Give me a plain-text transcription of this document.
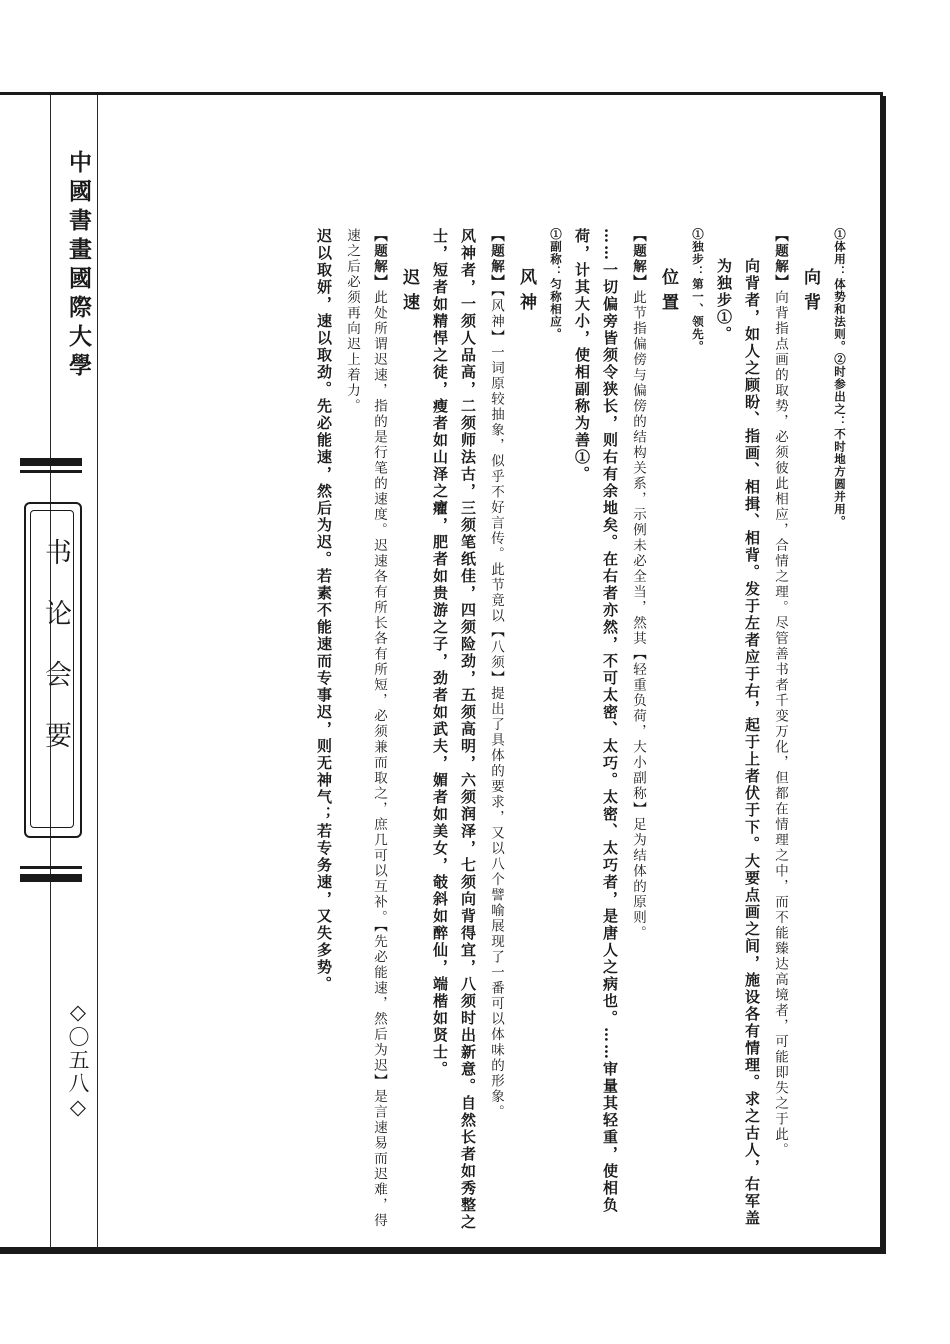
中國書畫國際大學
书论会要
◇〇五八◇
①体用：体势和法则。②时参出之：不时地方圆并用。
向背
【题解】向背指点画的取势，必须彼此相应，合情之理。尽管善书者千变万化，但都在情理之中，而不能臻达高境者，可能即失之于此。
向背者，如人之顾盼、指画、相揖、相背。发于左者应于右，起于上者伏于下。大要点画之间，施设各有情理。求之古人，右军盖为独步①。
①独步：第一、领先。
位置
【题解】此节指偏傍与偏傍的结构关系，示例未必全当，然其【轻重负荷，大小副称】足为结体的原则。
……一切偏旁皆须令狭长，则右有余地矣。在右者亦然，不可太密、太巧。太密、太巧者，是唐人之病也。……审量其轻重，使相负荷，计其大小，使相副称为善①。
①副称：匀称相应。
风神
【题解】【风神】一词原较抽象，似乎不好言传。此节竟以【八须】提出了具体的要求，又以八个譬喻展现了一番可以体味的形象。
风神者，一须人品高，二须师法古，三须笔纸佳，四须险劲，五须高明，六须润泽，七须向背得宜，八须时出新意。自然长者如秀整之士，短者如精悍之徒，瘦者如山泽之癯，肥者如贵游之子，劲者如武夫，媚者如美女，攲斜如醉仙，端楷如贤士。
迟速
【题解】此处所谓迟速，指的是行笔的速度。迟速各有所长各有所短，必须兼而取之，庶几可以互补。【先必能速，然后为迟】是言速易而迟难，得速之后必须再向迟上着力。
迟以取妍，速以取劲。先必能速，然后为迟。若素不能速而专事迟，则无神气；若专务速，又失多势。
